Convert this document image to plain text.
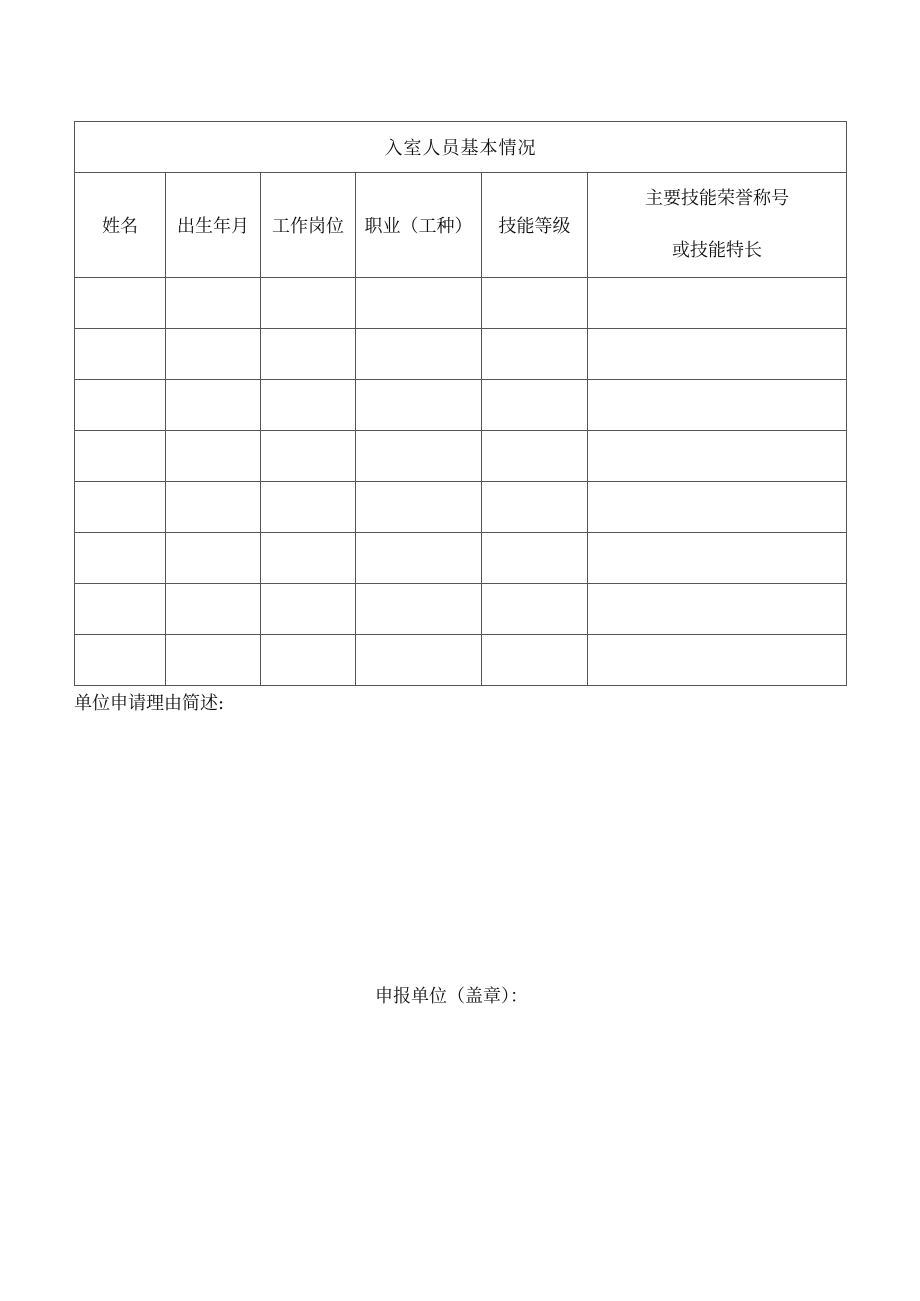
入室人员基本情况					
姓名	出生年月	工作岗位	职业（工种）	技能等级	主要技能荣誉称号
或技能特长

单位申请理由简述:
申报单位（盖章）：
